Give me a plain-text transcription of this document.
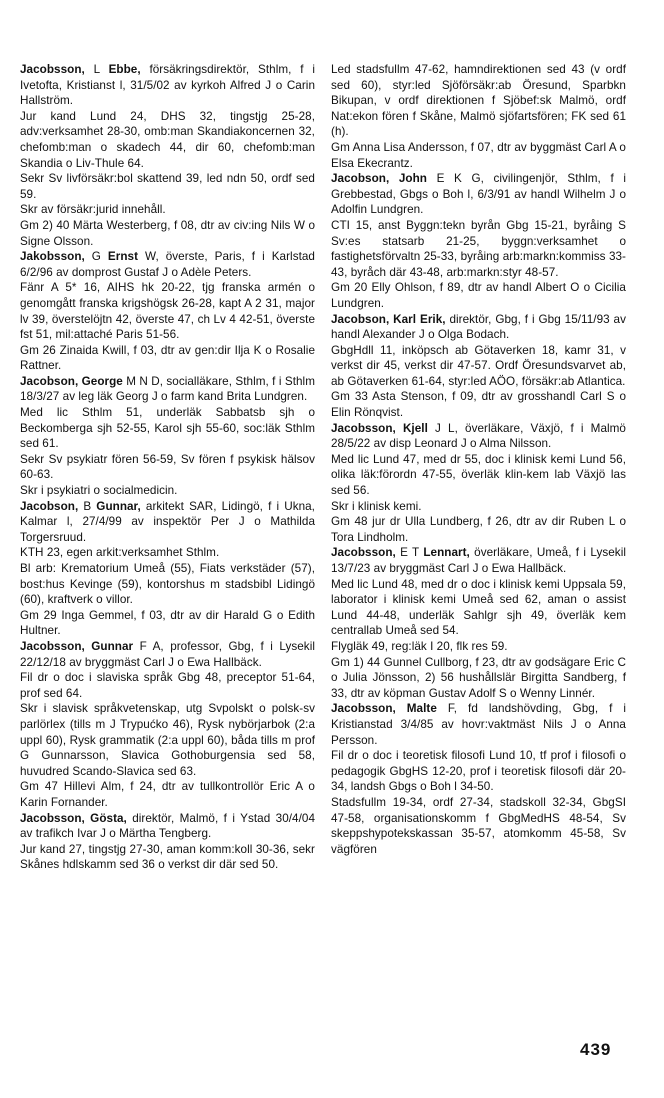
Jacobsson, L Ebbe, försäkringsdirektör, Sthlm, f i Ivetofta, Kristianst l, 31/5/02 av kyrkoh Alfred J o Carin Hallström.

Jur kand Lund 24, DHS 32, tingstjg 25-28, adv:verksamhet 28-30, omb:man Skandiakoncernen 32, chefomb:man o skadech 44, dir 60, chefomb:man Skandia o Liv-Thule 64.

Sekr Sv livförsäkr:bol skattend 39, led ndn 50, ordf sed 59.

Skr av försäkr:jurid innehåll.

Gm 2) 40 Märta Westerberg, f 08, dtr av civ:ing Nils W o Signe Olsson.

Jakobsson, G Ernst W, överste, Paris, f i Karlstad 6/2/96 av domprost Gustaf J o Adèle Peters.

Fänr A 5* 16, AIHS hk 20-22, tjg franska armén o genomgått franska krigshögsk 26-28, kapt A 2 31, major lv 39, överstelöjtn 42, överste 47, ch Lv 4 42-51, överste fst 51, mil:attaché Paris 51-56.

Gm 26 Zinaida Kwill, f 03, dtr av gen:dir Ilja K o Rosalie Rattner.

Jacobson, George M N D, socialläkare, Sthlm, f i Sthlm 18/3/27 av leg läk Georg J o farm kand Brita Lundgren.

Med lic Sthlm 51, underläk Sabbatsb sjh o Beckomberga sjh 52-55, Karol sjh 55-60, soc:läk Sthlm sed 61.

Sekr Sv psykiatr fören 56-59, Sv fören f psykisk hälsov 60-63.

Skr i psykiatri o socialmedicin.

Jacobson, B Gunnar, arkitekt SAR, Lidingö, f i Ukna, Kalmar l, 27/4/99 av inspektör Per J o Mathilda Torgersruud.

KTH 23, egen arkit:verksamhet Sthlm.

Bl arb: Krematorium Umeå (55), Fiats verkstäder (57), bost:hus Kevinge (59), kontorshus m stadsbibl Lidingö (60), kraftverk o villor.

Gm 29 Inga Gemmel, f 03, dtr av dir Harald G o Edith Hultner.

Jacobsson, Gunnar F A, professor, Gbg, f i Lysekil 22/12/18 av bryggmäst Carl J o Ewa Hallbäck.

Fil dr o doc i slaviska språk Gbg 48, preceptor 51-64, prof sed 64.

Skr i slavisk språkvetenskap, utg Svpolskt o polsk-sv parlörlex (tills m J Trypućko 46), Rysk nybörjarbok (2:a uppl 60), Rysk grammatik (2:a uppl 60), båda tills m prof G Gunnarsson, Slavica Gothoburgensia sed 58, huvudred Scando-Slavica sed 63.

Gm 47 Hillevi Alm, f 24, dtr av tullkontrollör Eric A o Karin Fornander.

Jacobsson, Gösta, direktör, Malmö, f i Ystad 30/4/04 av trafikch Ivar J o Märtha Tengberg.

Jur kand 27, tingstjg 27-30, aman komm:koll 30-36, sekr Skånes hdlskamm sed 36 o verkst dir där sed 50.

Led stadsfullm 47-62, hamndirektionen sed 43 (v ordf sed 60), styr:led Sjöförsäkr:ab Öresund, Sparbkn Bikupan, v ordf direktionen f Sjöbef:sk Malmö, ordf Nat:ekon fören f Skåne, Malmö sjöfartsfören; FK sed 61 (h).

Gm Anna Lisa Andersson, f 07, dtr av byggmäst Carl A o Elsa Ekecrantz.

Jacobson, John E K G, civilingenjör, Sthlm, f i Grebbestad, Gbgs o Boh l, 6/3/91 av handl Wilhelm J o Adolfin Lundgren.

CTI 15, anst Byggn:tekn byrån Gbg 15-21, byråing S Sv:es statsarb 21-25, byggn:verksamhet o fastighetsförvaltn 25-33, byråing arb:markn:kommiss 33-43, byråch där 43-48, arb:markn:styr 48-57.

Gm 20 Elly Ohlson, f 89, dtr av handl Albert O o Cicilia Lundgren.

Jacobson, Karl Erik, direktör, Gbg, f i Gbg 15/11/93 av handl Alexander J o Olga Bodach.

GbgHdll 11, inköpsch ab Götaverken 18, kamr 31, v verkst dir 45, verkst dir 47-57. Ordf Öresundsvarvet ab, ab Götaverken 61-64, styr:led AÖO, försäkr:ab Atlantica.

Gm 33 Asta Stenson, f 09, dtr av grosshandl Carl S o Elin Rönqvist.

Jacobsson, Kjell J L, överläkare, Växjö, f i Malmö 28/5/22 av disp Leonard J o Alma Nilsson.

Med lic Lund 47, med dr 55, doc i klinisk kemi Lund 56, olika läk:förordn 47-55, överläk klin-kem lab Växjö las sed 56.

Skr i klinisk kemi.

Gm 48 jur dr Ulla Lundberg, f 26, dtr av dir Ruben L o Tora Lindholm.

Jacobsson, E T Lennart, överläkare, Umeå, f i Lysekil 13/7/23 av bryggmäst Carl J o Ewa Hallbäck.

Med lic Lund 48, med dr o doc i klinisk kemi Uppsala 59, laborator i klinisk kemi Umeå sed 62, aman o assist Lund 44-48, underläk Sahlgr sjh 49, överläk kem centrallab Umeå sed 54.

Flygläk 49, reg:läk I 20, flk res 59.

Gm 1) 44 Gunnel Cullborg, f 23, dtr av godsägare Eric C o Julia Jönsson, 2) 56 hushållslär Birgitta Sandberg, f 33, dtr av köpman Gustav Adolf S o Wenny Linnér.

Jacobsson, Malte F, fd landshövding, Gbg, f i Kristianstad 3/4/85 av hovr:vaktmäst Nils J o Anna Persson.

Fil dr o doc i teoretisk filosofi Lund 10, tf prof i filosofi o pedagogik GbgHS 12-20, prof i teoretisk filosofi där 20-34, landsh Gbgs o Boh l 34-50.

Stadsfullm 19-34, ordf 27-34, stadskoll 32-34, GbgSI 47-58, organisationskomm f GbgMedHS 48-54, Sv skeppshypotekskassan 35-57, atomkomm 45-58, Sv vägfören

439
